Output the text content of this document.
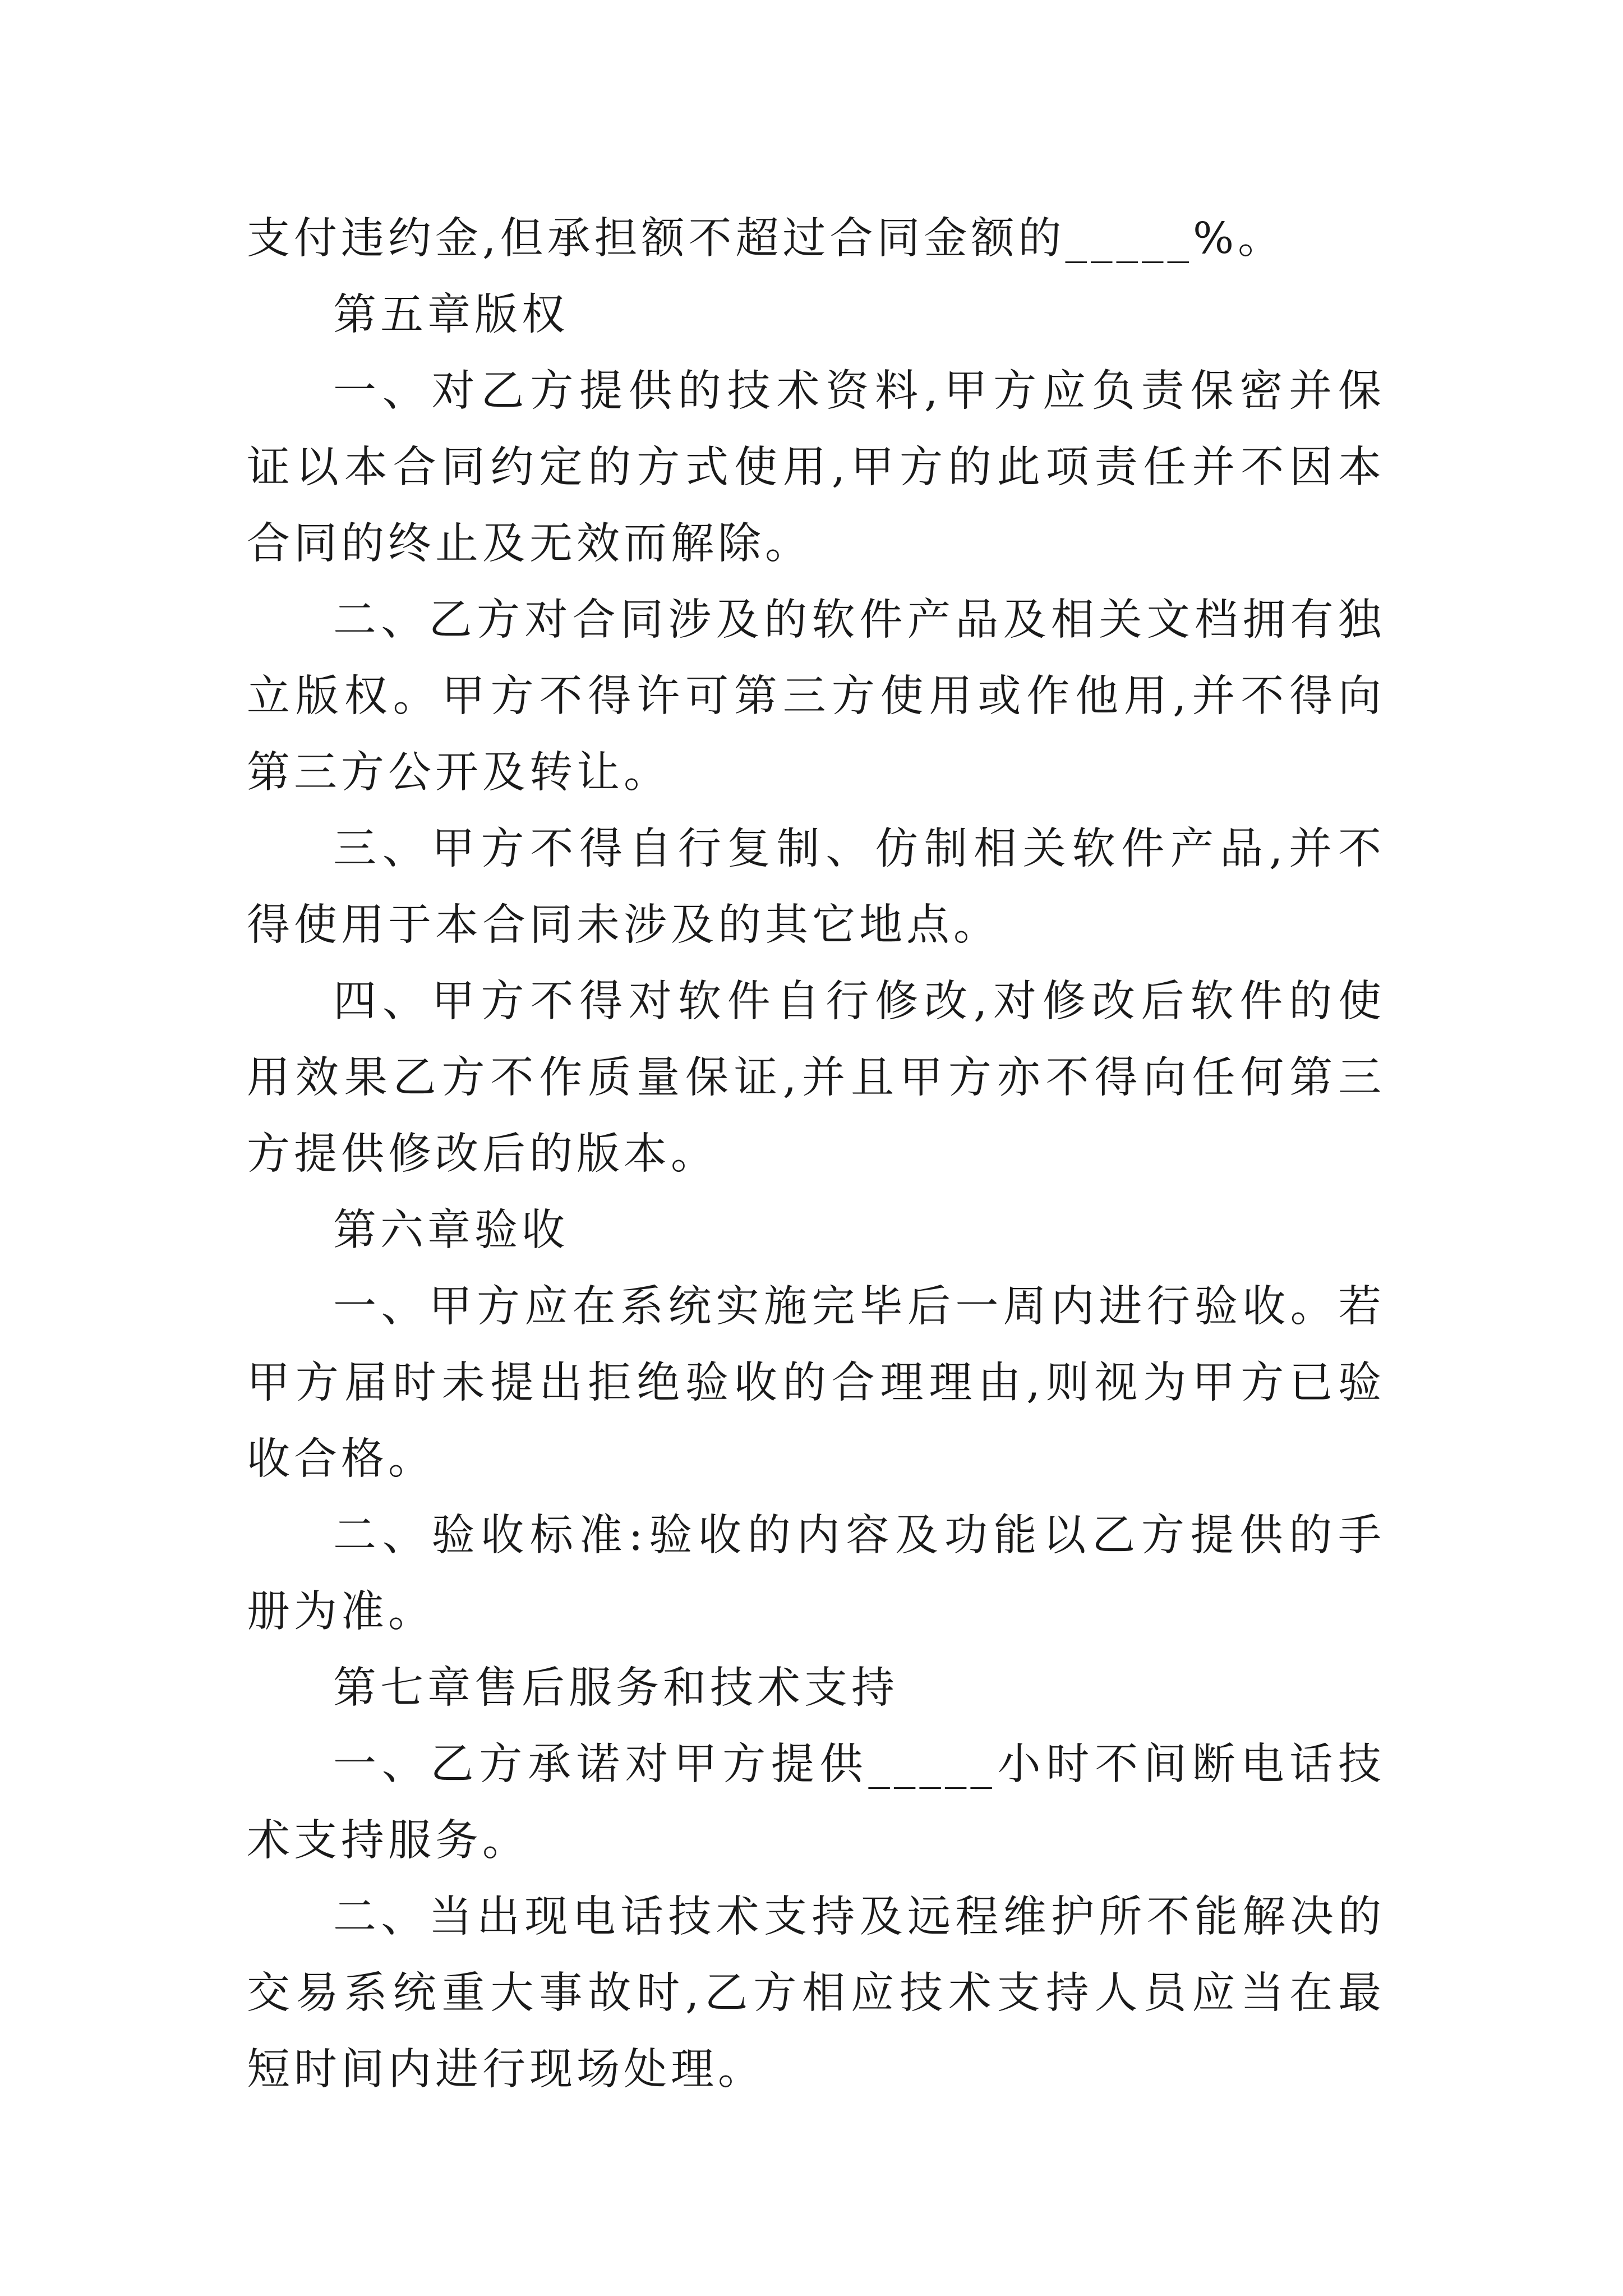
支付违约金,但承担额不超过合同金额的_____%。

第五章版权

一、对乙方提供的技术资料,甲方应负责保密并保证以本合同约定的方式使用,甲方的此项责任并不因本合同的终止及无效而解除。

二、乙方对合同涉及的软件产品及相关文档拥有独立版权。甲方不得许可第三方使用或作他用,并不得向第三方公开及转让。

三、甲方不得自行复制、仿制相关软件产品,并不得使用于本合同未涉及的其它地点。

四、甲方不得对软件自行修改,对修改后软件的使用效果乙方不作质量保证,并且甲方亦不得向任何第三方提供修改后的版本。

第六章验收

一、甲方应在系统实施完毕后一周内进行验收。若甲方届时未提出拒绝验收的合理理由,则视为甲方已验收合格。

二、验收标准:验收的内容及功能以乙方提供的手册为准。

第七章售后服务和技术支持

一、乙方承诺对甲方提供_____小时不间断电话技术支持服务。

二、当出现电话技术支持及远程维护所不能解决的交易系统重大事故时,乙方相应技术支持人员应当在最短时间内进行现场处理。
